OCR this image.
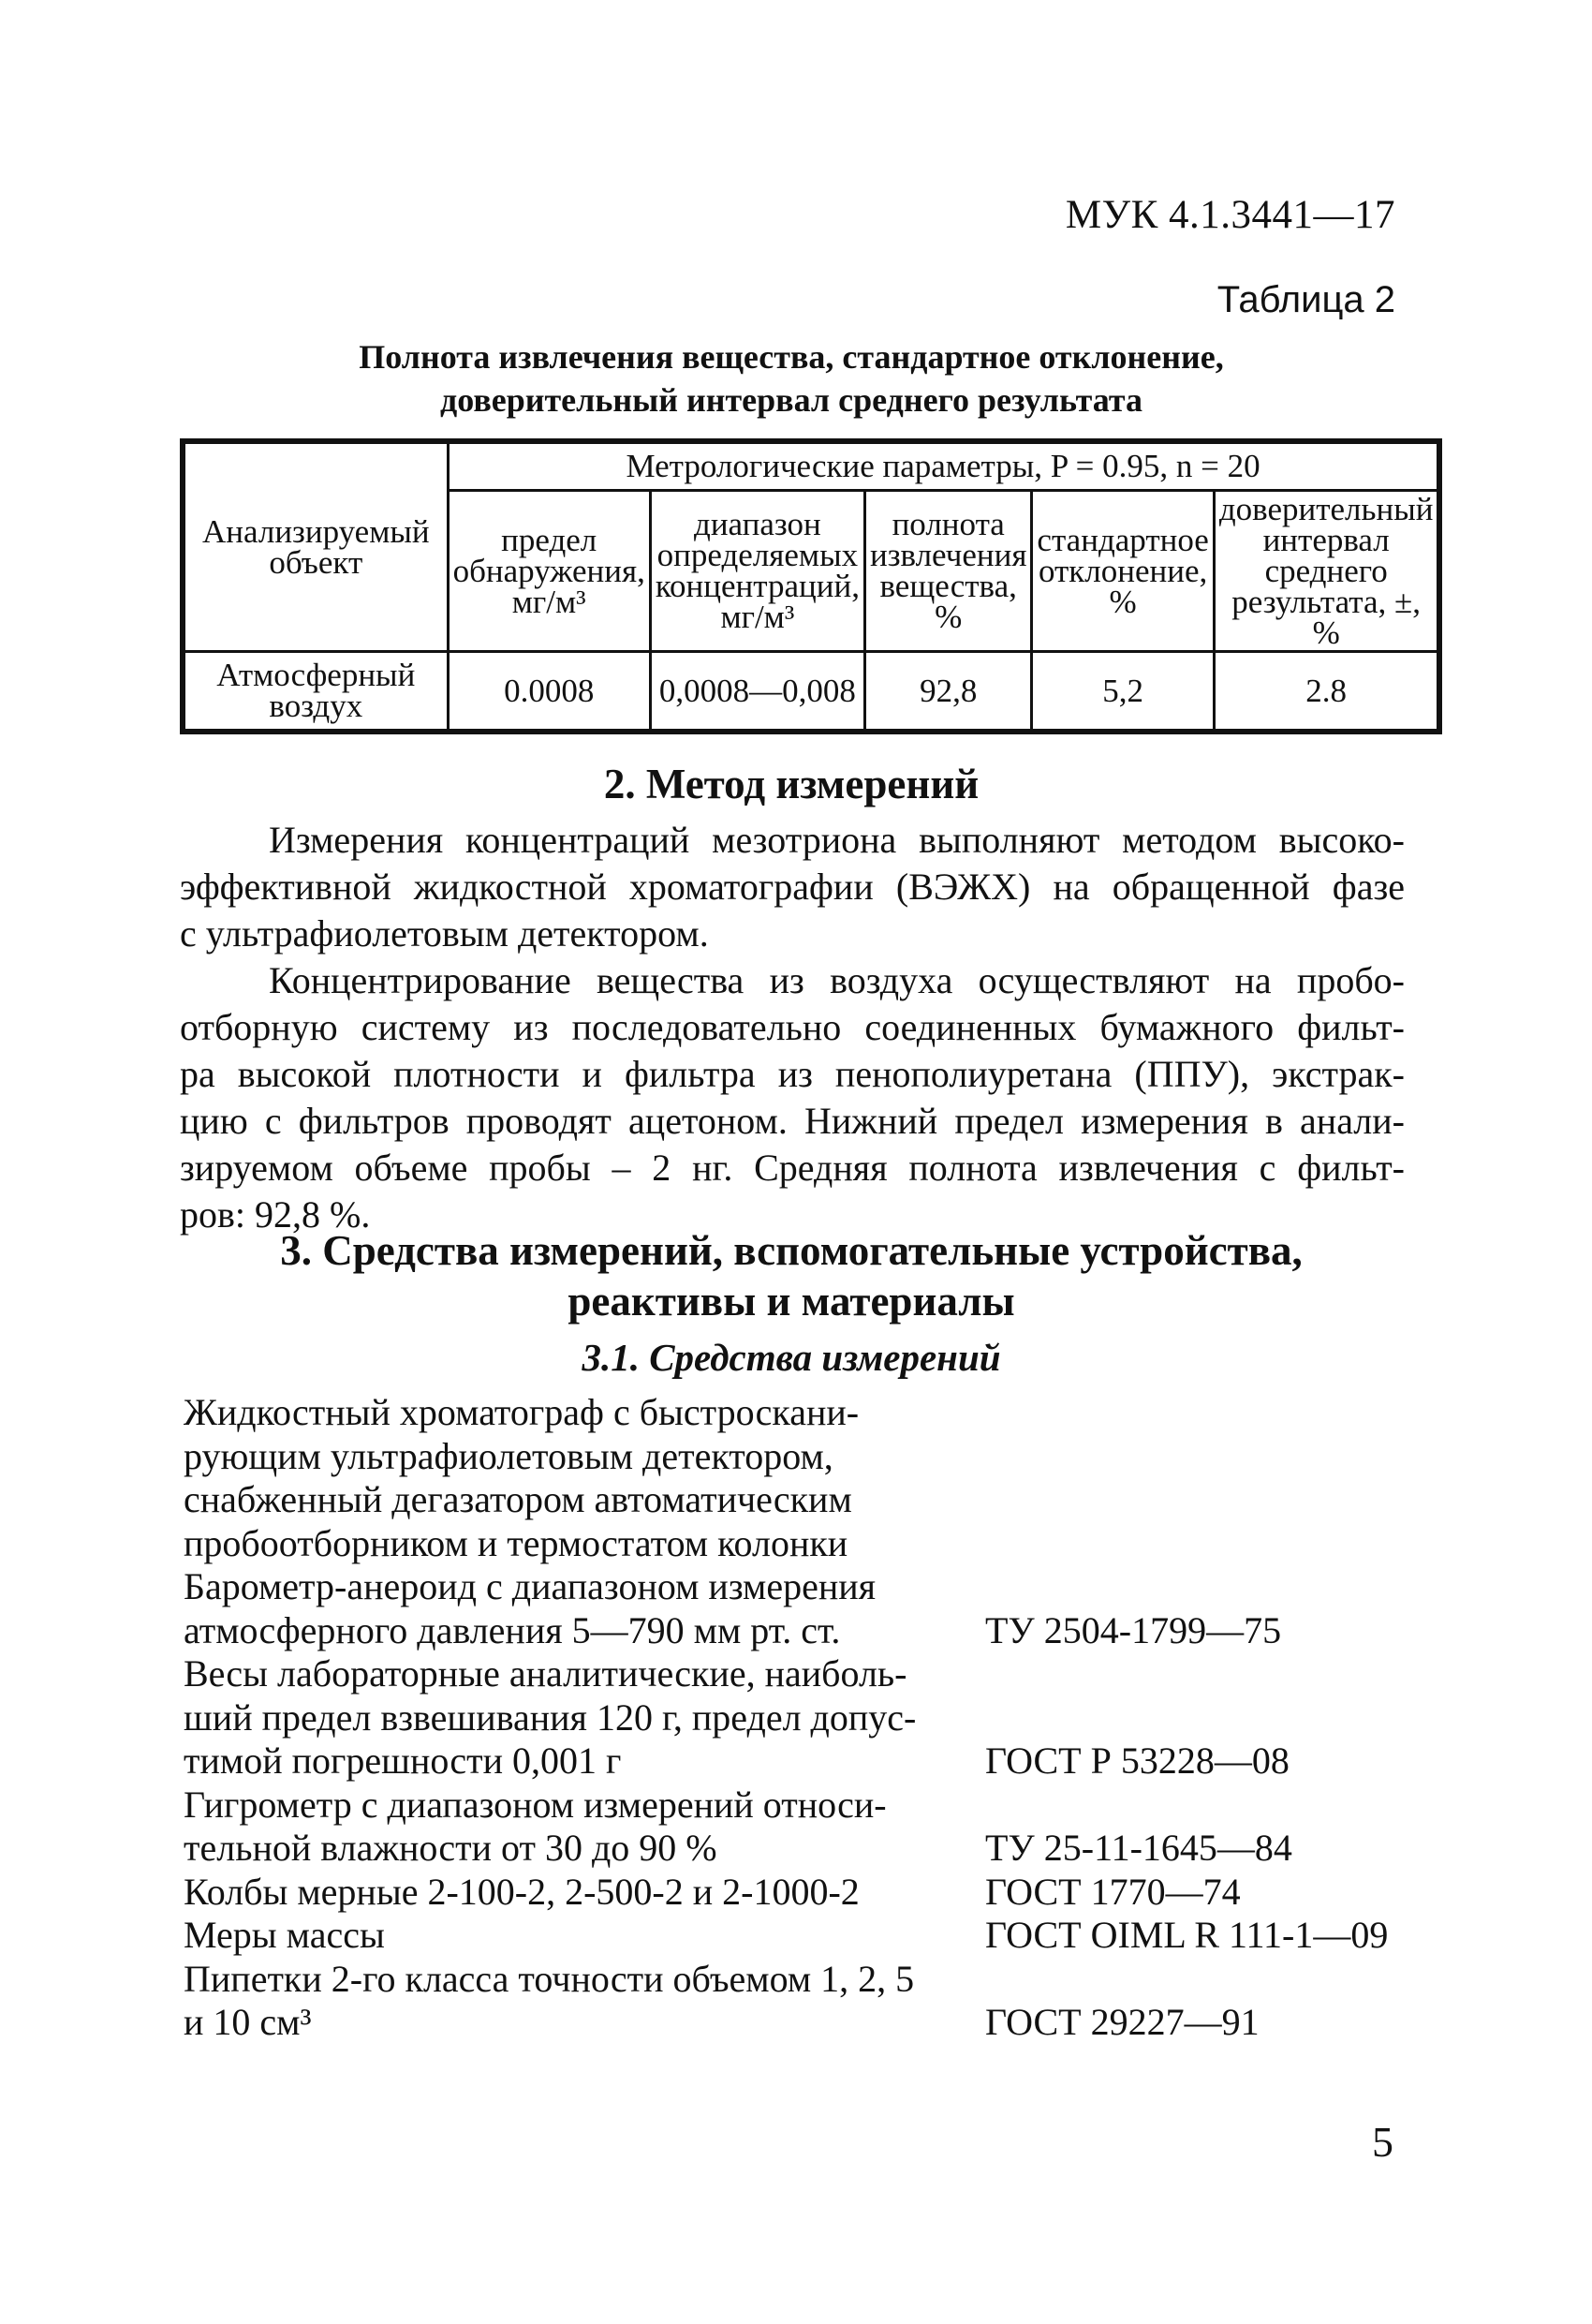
МУК 4.1.3441—17
Таблица 2
Полнота извлечения вещества, стандартное отклонение,
доверительный интервал среднего результата
Анализируемый объект	Метрологические параметры, P = 0.95, n = 20				
	предел обнаружения, мг/м³	диапазон определяемых концентраций, мг/м³	полнота извлечения вещества, %	стандартное отклонение, %	доверительный интервал среднего результата, ±, %
Атмосферный воздух	0.0008	0,0008—0,008	92,8	5,2	2.8
2. Метод измерений
Измерения концентраций мезотриона выполняют методом высоко-
эффективной жидкостной хроматографии (ВЭЖХ) на обращенной фазе
с ультрафиолетовым детектором.
Концентрирование вещества из воздуха осуществляют на пробо-
отборную систему из последовательно соединенных бумажного фильт-
ра высокой плотности и фильтра из пенополиуретана (ППУ), экстрак-
цию с фильтров проводят ацетоном. Нижний предел измерения в анали-
зируемом объеме пробы – 2 нг. Средняя полнота извлечения с фильт-
ров: 92,8 %.
3. Средства измерений, вспомогательные устройства,
реактивы и материалы
3.1. Средства измерений
Жидкостный хроматограф с быстроскани-
рующим ультрафиолетовым детектором,
снабженный дегазатором автоматическим
пробоотборником и термостатом колонки
Барометр-анероид с диапазоном измерения
атмосферного давления 5—790 мм рт. ст.	ТУ 2504-1799—75
Весы лабораторные аналитические, наиболь-
ший предел взвешивания 120 г, предел допус-
тимой погрешности 0,001 г	ГОСТ Р 53228—08
Гигрометр с диапазоном измерений относи-
тельной влажности от 30 до 90 %	ТУ 25-11-1645—84
Колбы мерные 2-100-2, 2-500-2 и 2-1000-2	ГОСТ 1770—74
Меры массы	ГОСТ OIML R 111-1—09
Пипетки 2-го класса точности объемом 1, 2, 5
и 10 см³	ГОСТ 29227—91
5
